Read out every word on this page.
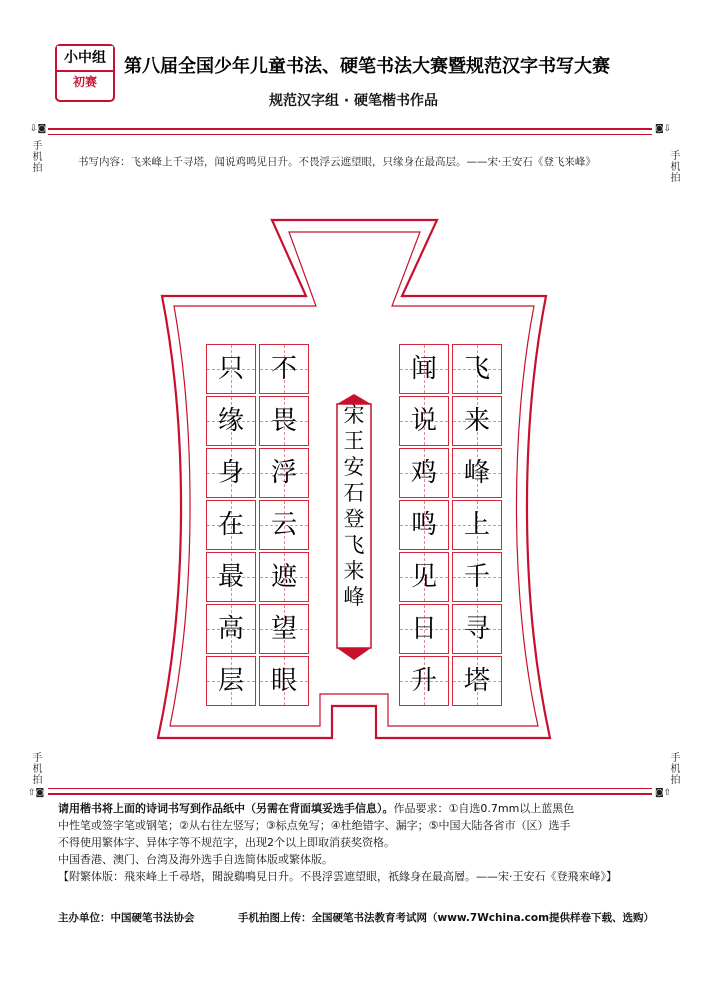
小中组
初赛
第八届全国少年儿童书法、硬笔书法大赛暨规范汉字书写大赛
规范汉字组 · 硬笔楷书作品
⇩◙	◙⇩
手机拍	手机拍
书写内容：飞来峰上千寻塔，闻说鸡鸣见日升。不畏浮云遮望眼，只缘身在最高层。——宋·王安石《登飞来峰》
飞
来
峰
上
千
寻
塔
闻
说
鸡
鸣
见
日
升
不
畏
浮
云
遮
望
眼
只
缘
身
在
最
高
层
宋
王
安
石
登
飞
来
峰
手机拍	手机拍
⇧◙	◙⇧
请用楷书将上面的诗词书写到作品纸中（另需在背面填妥选手信息）。作品要求：①自选0.7mm以上蓝黑色
中性笔或签字笔或钢笔；②从右往左竖写；③标点免写；④杜绝错字、漏字；⑤中国大陆各省市（区）选手
不得使用繁体字、异体字等不规范字，出现2个以上即取消获奖资格。
中国香港、澳门、台湾及海外选手自选简体版或繁体版。
【附繁体版：飛來峰上千尋塔，聞說鷄鳴見日升。不畏浮雲遮望眼，祇緣身在最高層。——宋·王安石《登飛來峰》】
主办单位：中国硬笔书法协会	手机拍图上传：全国硬笔书法教育考试网（www.7Wchina.com提供样卷下载、选购）
